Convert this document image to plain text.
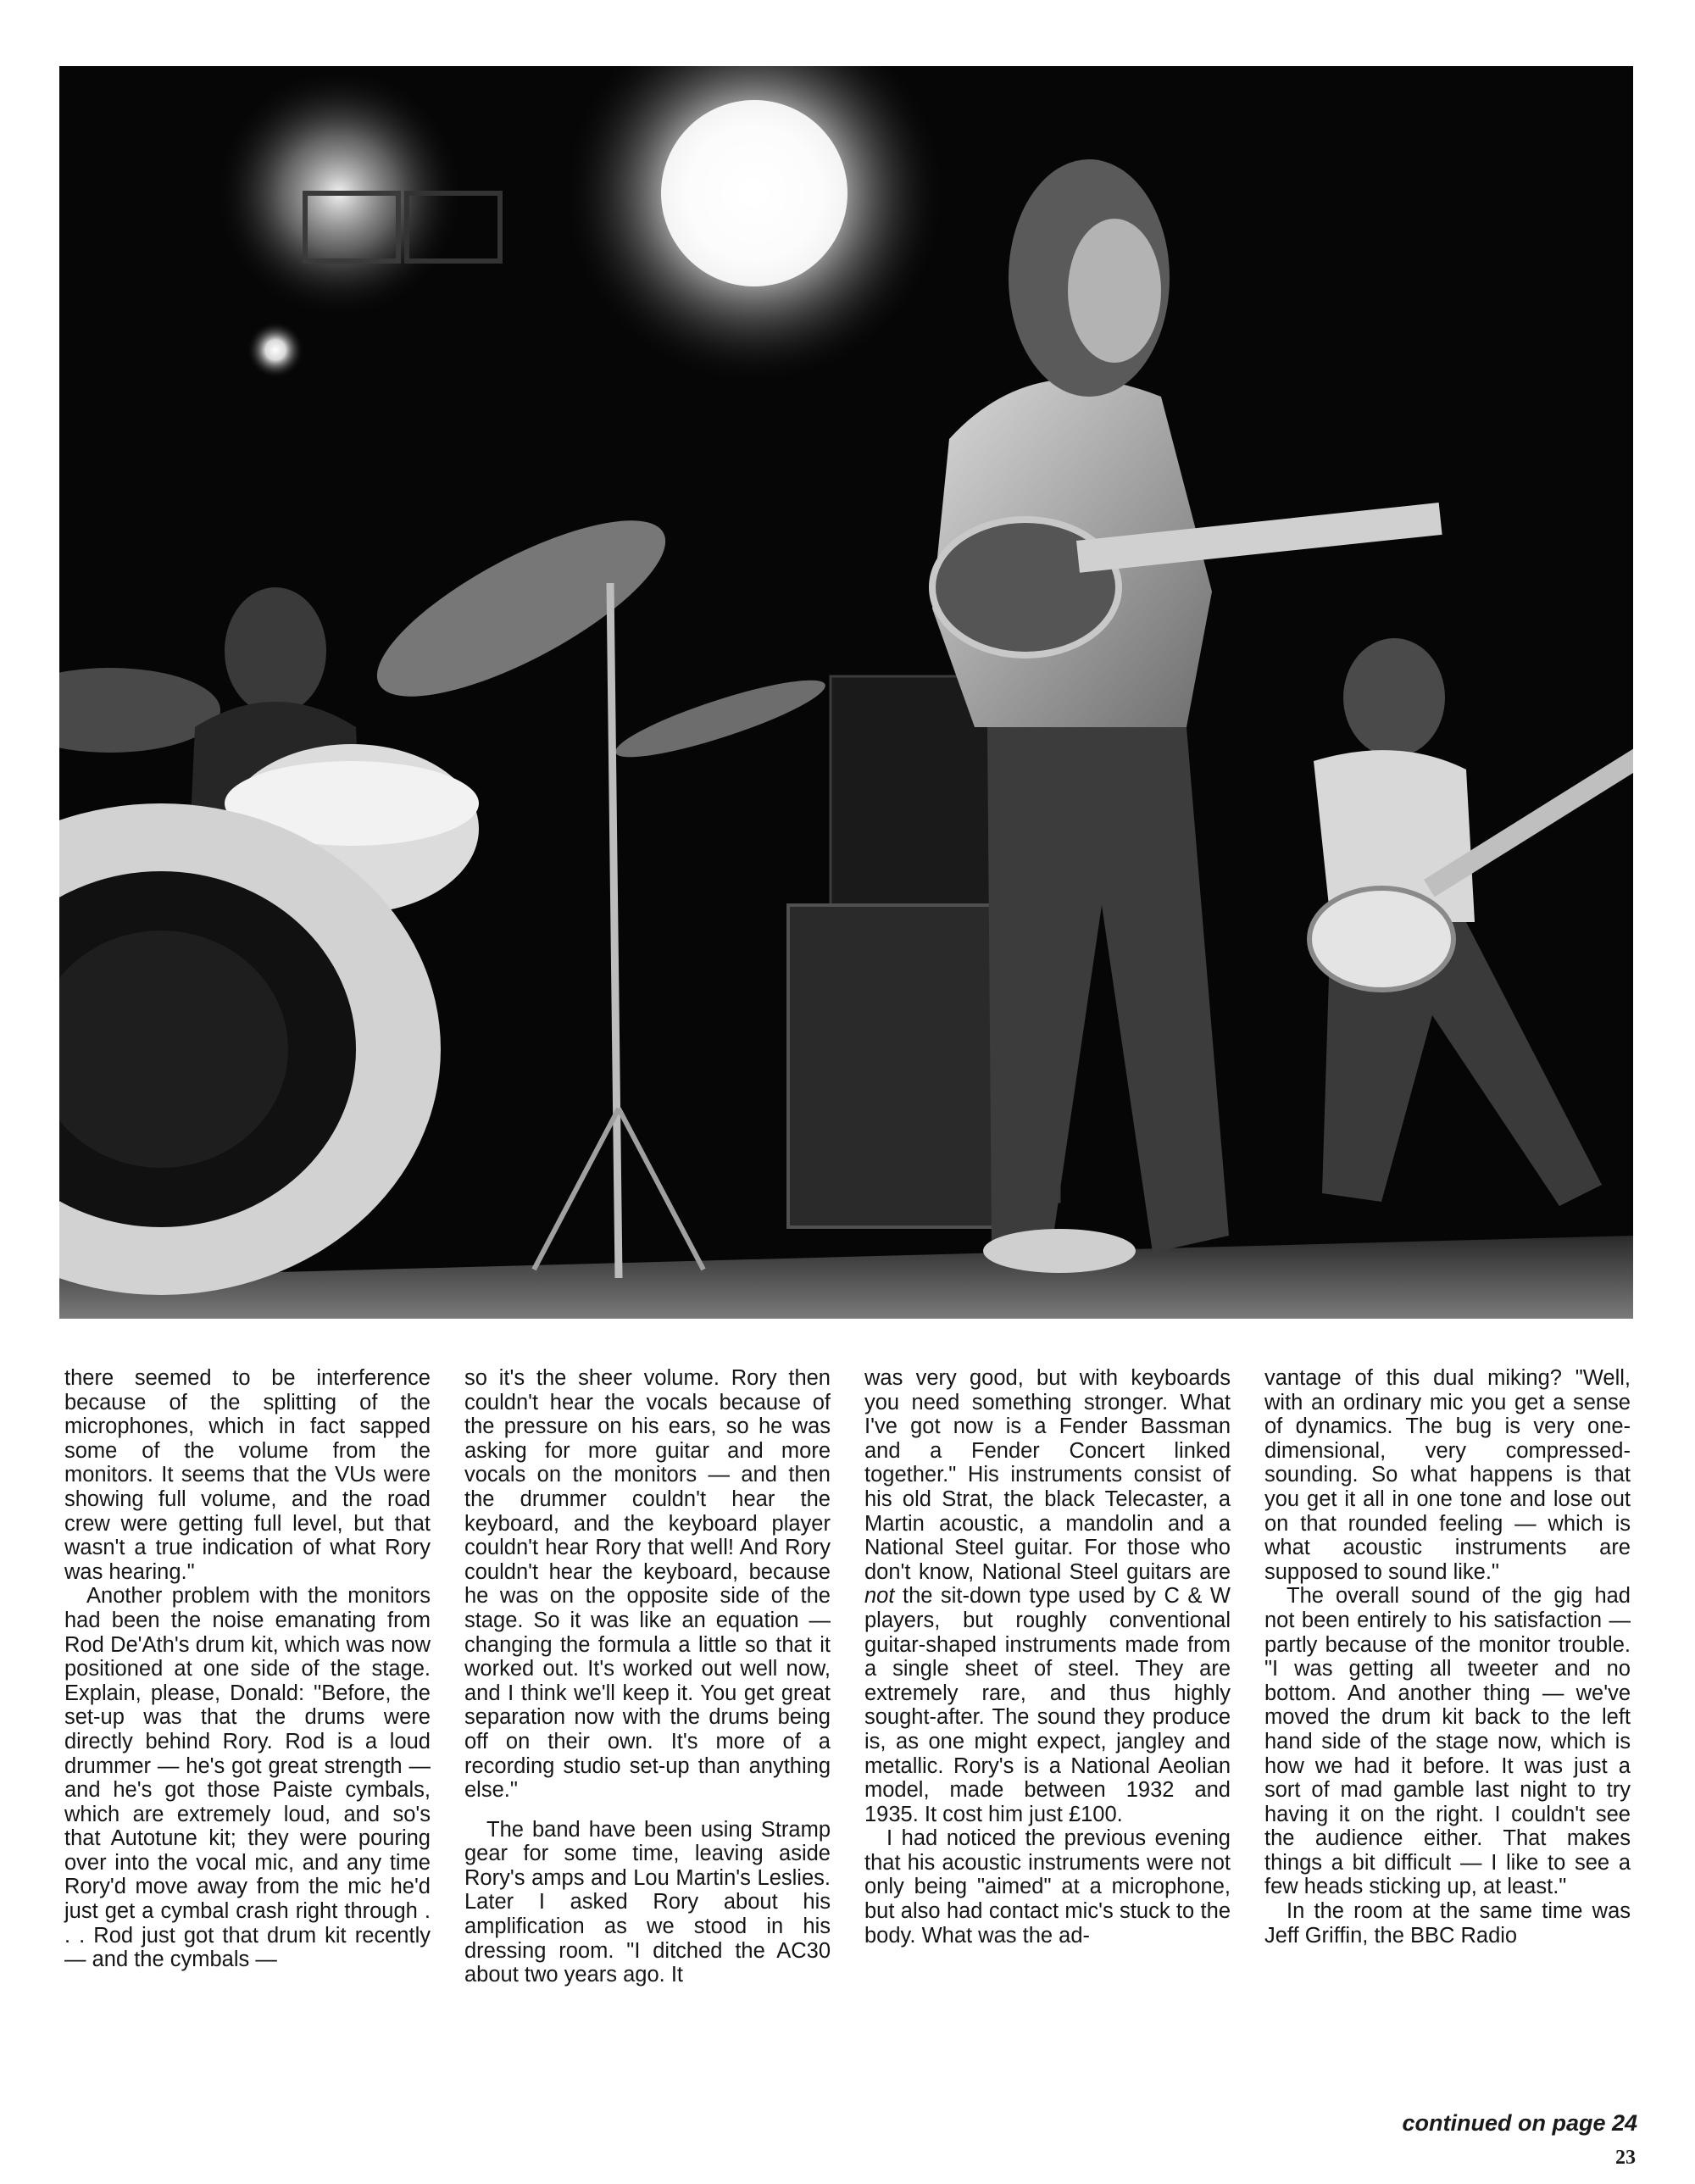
there seemed to be interference because of the splitting of the microphones, which in fact sapped some of the volume from the monitors. It seems that the VUs were showing full volume, and the road crew were getting full level, but that wasn't a true indication of what Rory was hearing."

Another problem with the monitors had been the noise emanating from Rod De'Ath's drum kit, which was now positioned at one side of the stage. Explain, please, Donald: "Before, the set-up was that the drums were directly behind Rory. Rod is a loud drummer — he's got great strength — and he's got those Paiste cymbals, which are extremely loud, and so's that Autotune kit; they were pouring over into the vocal mic, and any time Rory'd move away from the mic he'd just get a cymbal crash right through . . . Rod just got that drum kit recently — and the cymbals —

so it's the sheer volume. Rory then couldn't hear the vocals because of the pressure on his ears, so he was asking for more guitar and more vocals on the monitors — and then the drummer couldn't hear the keyboard, and the keyboard player couldn't hear Rory that well! And Rory couldn't hear the keyboard, because he was on the opposite side of the stage. So it was like an equation — changing the formula a little so that it worked out. It's worked out well now, and I think we'll keep it. You get great separation now with the drums being off on their own. It's more of a recording studio set-up than anything else."

The band have been using Stramp gear for some time, leaving aside Rory's amps and Lou Martin's Leslies. Later I asked Rory about his amplification as we stood in his dressing room. "I ditched the AC30 about two years ago. It

was very good, but with keyboards you need something stronger. What I've got now is a Fender Bassman and a Fender Concert linked together." His instruments consist of his old Strat, the black Telecaster, a Martin acoustic, a mandolin and a National Steel guitar. For those who don't know, National Steel guitars are not the sit-down type used by C & W players, but roughly conventional guitar-shaped instruments made from a single sheet of steel. They are extremely rare, and thus highly sought-after. The sound they produce is, as one might expect, jangley and metallic. Rory's is a National Aeolian model, made between 1932 and 1935. It cost him just £100.

I had noticed the previous evening that his acoustic instruments were not only being "aimed" at a microphone, but also had contact mic's stuck to the body. What was the ad-

vantage of this dual miking? "Well, with an ordinary mic you get a sense of dynamics. The bug is very one-dimensional, very compressed-sounding. So what happens is that you get it all in one tone and lose out on that rounded feeling — which is what acoustic instruments are supposed to sound like."

The overall sound of the gig had not been entirely to his satisfaction — partly because of the monitor trouble. "I was getting all tweeter and no bottom. And another thing — we've moved the drum kit back to the left hand side of the stage now, which is how we had it before. It was just a sort of mad gamble last night to try having it on the right. I couldn't see the audience either. That makes things a bit difficult — I like to see a few heads sticking up, at least."

In the room at the same time was Jeff Griffin, the BBC Radio

continued on page 24
23
